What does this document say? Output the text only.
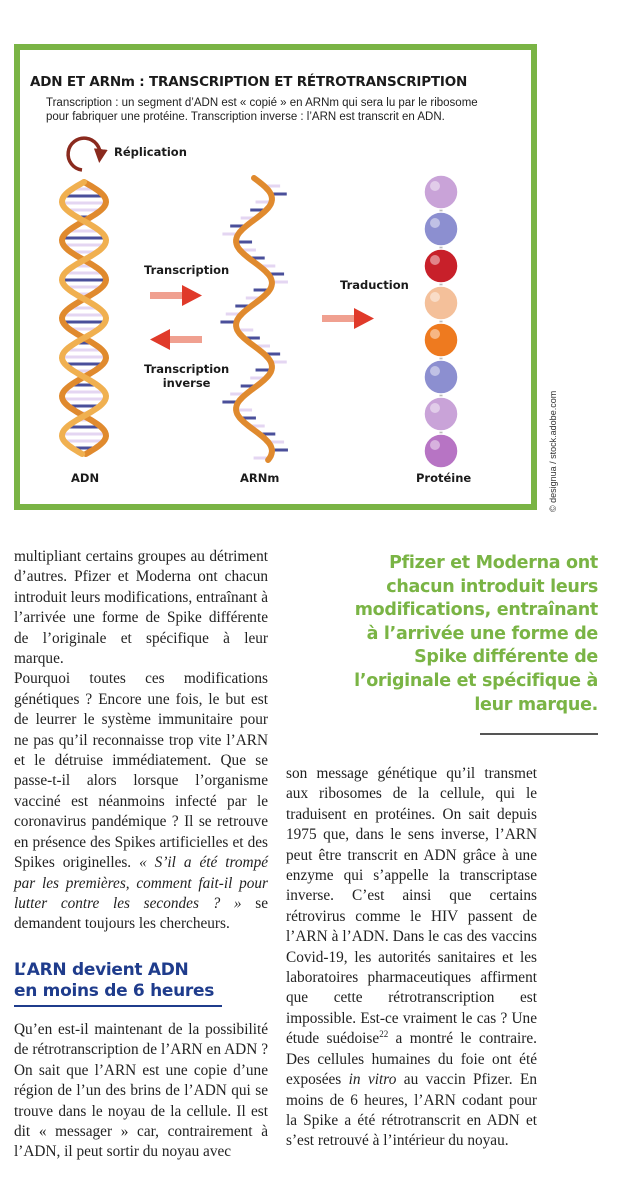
ADN ET ARNm : TRANSCRIPTION ET RÉTROTRANSCRIPTION
Transcription : un segment d’ADN est « copié » en ARNm qui sera lu par le ribosome
pour fabriquer une protéine. Transcription inverse : l’ARN est transcrit en ADN.
Réplication
Transcription
Transcription
inverse
Traduction
ADN	ARNm	Protéine	© designua / stock.adobe.com

multipliant certains groupes au détriment d’autres. Pfizer et Moderna ont chacun introduit leurs modifications, entraînant à l’arrivée une forme de Spike différente de l’originale et spécifique à leur marque.

Pourquoi toutes ces modifications génétiques ? Encore une fois, le but est de leurrer le système immunitaire pour ne pas qu’il reconnaisse trop vite l’ARN et le détruise immédiatement. Que se passe-t-il alors lorsque l’organisme vacciné est néanmoins infecté par le coronavirus pandémique ? Il se retrouve en présence des Spikes artificielles et des Spikes originelles. « S’il a été trompé par les premières, comment fait-il pour lutter contre les secondes ? » se demandent toujours les chercheurs.

Pfizer et Moderna ont chacun introduit leurs modifications, entraînant à l’arrivée une forme de Spike différente de l’originale et spécifique à leur marque.
L’ARN devient ADN
en moins de 6 heures

Qu’en est-il maintenant de la possibilité de rétrotranscription de l’ARN en ADN ? On sait que l’ARN est une copie d’une région de l’un des brins de l’ADN qui se trouve dans le noyau de la cellule. Il est dit « messager » car, contrairement à l’ADN, il peut sortir du noyau avec

son message génétique qu’il transmet aux ribosomes de la cellule, qui le traduisent en protéines. On sait depuis 1975 que, dans le sens inverse, l’ARN peut être transcrit en ADN grâce à une enzyme qui s’appelle la transcriptase inverse. C’est ainsi que certains rétrovirus comme le HIV passent de l’ARN à l’ADN. Dans le cas des vaccins Covid-19, les autorités sanitaires et les laboratoires pharmaceutiques affirment que cette rétrotranscription est impossible. Est-ce vraiment le cas ? Une étude suédoise$^{22}$ a montré le contraire. Des cellules humaines du foie ont été exposées in vitro au vaccin Pfizer. En moins de 6 heures, l’ARN codant pour la Spike a été rétrotranscrit en ADN et s’est retrouvé à l’intérieur du noyau.
